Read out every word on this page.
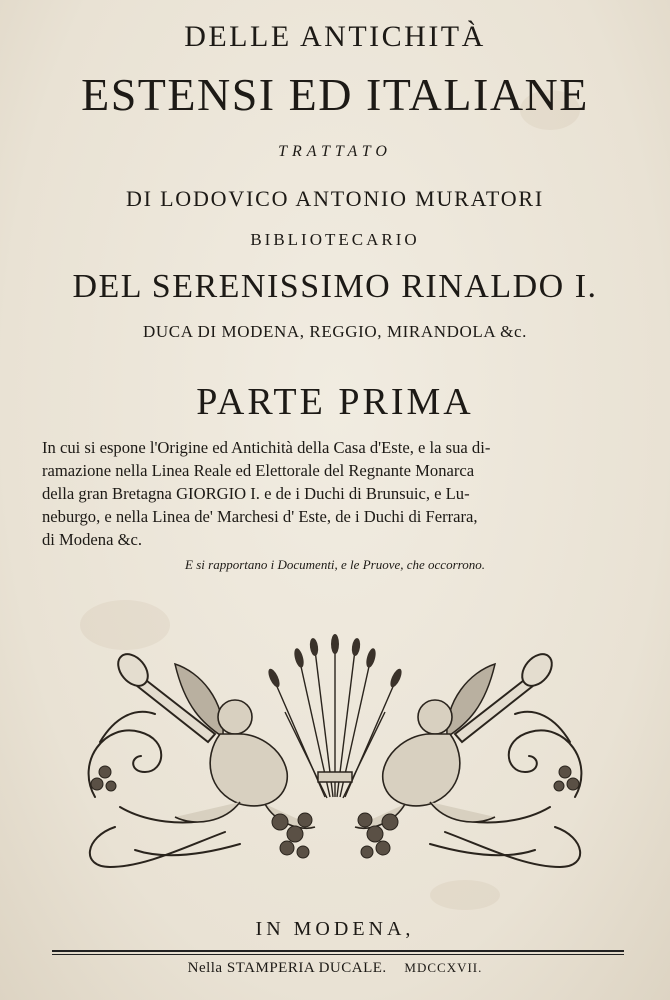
DELLE ANTICHITÀ
ESTENSI ED ITALIANE
TRATTATO
DI LODOVICO ANTONIO MURATORI
BIBLIOTECARIO
DEL SERENISSIMO RINALDO I.
DUCA DI MODENA, REGGIO, MIRANDOLA &c.
PARTE PRIMA
In cui si espone l'Origine ed Antichità della Casa d'Este, e la sua di-
ramazione nella Linea Reale ed Elettorale del Regnante Monarca
della gran Bretagna GIORGIO I. e de i Duchi di Brunsuic, e Lu-
neburgo, e nella Linea de' Marchesi d' Este, de i Duchi di Ferrara,
di Modena &c.
E si rapportano i Documenti, e le Pruove, che occorrono.
IN MODENA,
Nella STAMPERIA DUCALE. MDCCXVII.
